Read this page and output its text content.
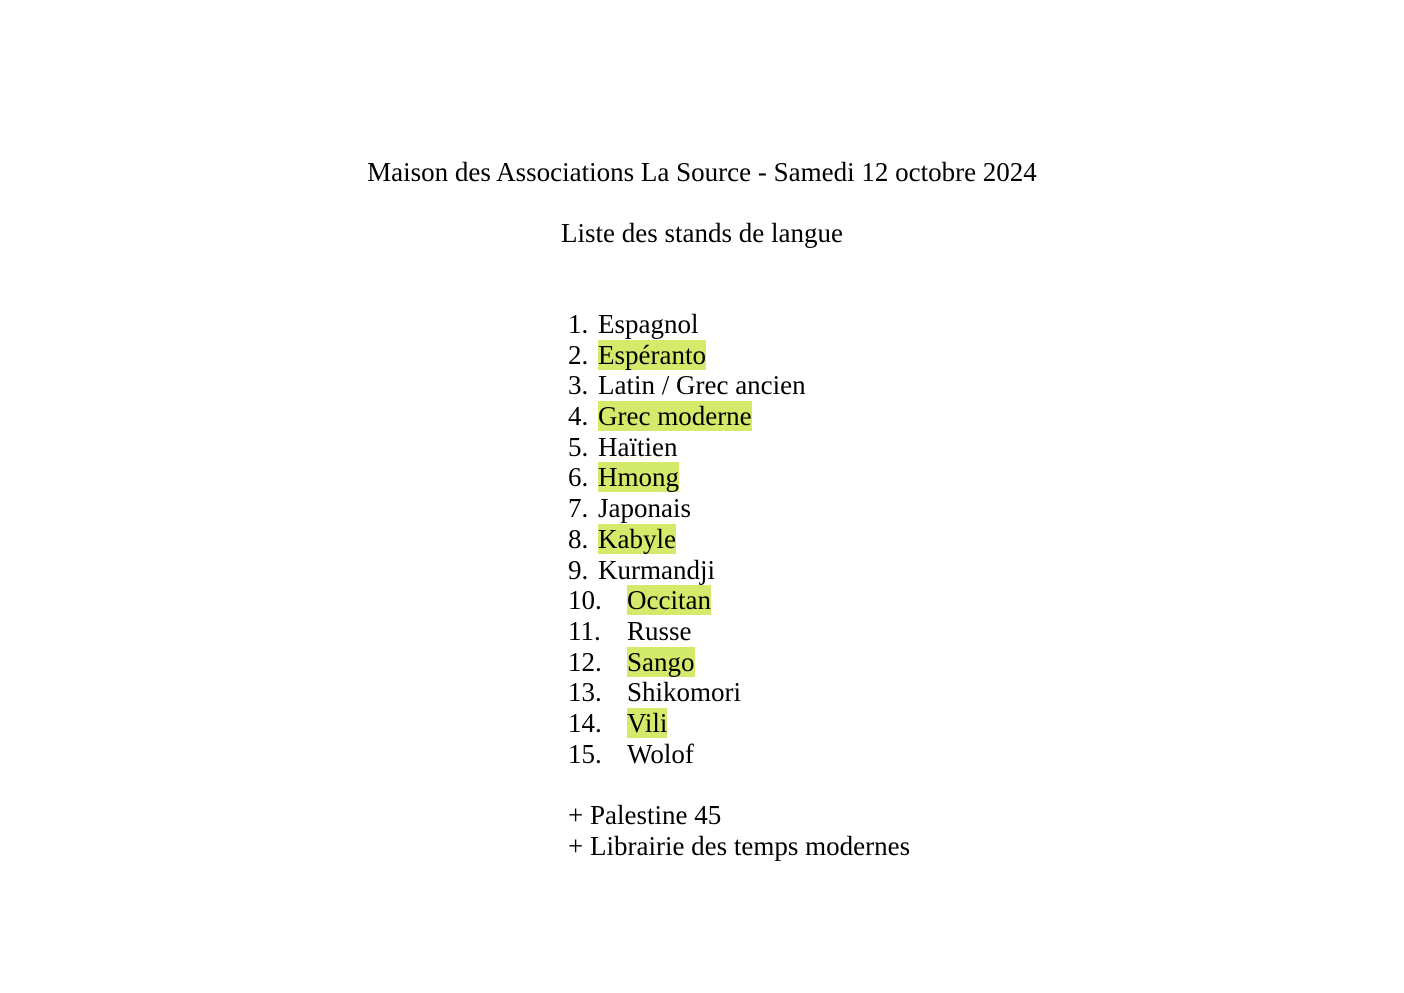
Maison des Associations La Source - Samedi 12 octobre 2024
Liste des stands de langue
1. Espagnol
2. Espéranto
3. Latin / Grec ancien
4. Grec moderne
5. Haïtien
6. Hmong
7. Japonais
8. Kabyle
9. Kurmandji
10. Occitan
11. Russe
12. Sango
13. Shikomori
14. Vili
15. Wolof
+ Palestine 45
+ Librairie des temps modernes
